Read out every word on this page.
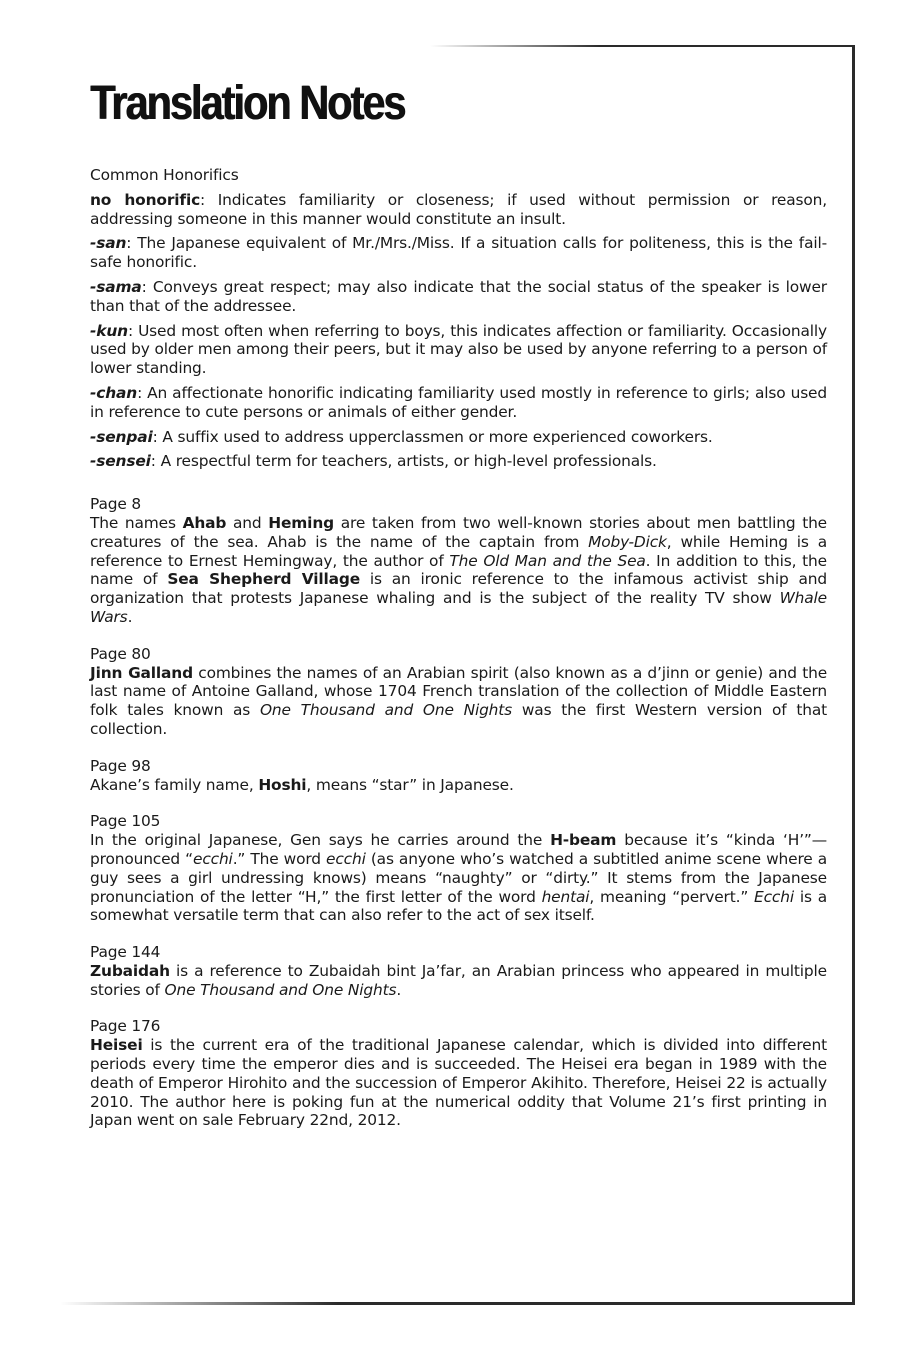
Translation Notes
Common Honorifics

no honorific: Indicates familiarity or closeness; if used without permission or reason, addressing someone in this manner would constitute an insult.

-san: The Japanese equivalent of Mr./Mrs./Miss. If a situation calls for politeness, this is the fail-safe honorific.

-sama: Conveys great respect; may also indicate that the social status of the speaker is lower than that of the addressee.

-kun: Used most often when referring to boys, this indicates affection or familiarity. Occasionally used by older men among their peers, but it may also be used by anyone referring to a person of lower standing.

-chan: An affectionate honorific indicating familiarity used mostly in reference to girls; also used in reference to cute persons or animals of either gender.

-senpai: A suffix used to address upperclassmen or more experienced coworkers.

-sensei: A respectful term for teachers, artists, or high-level professionals.

Page 8
The names Ahab and Heming are taken from two well-known stories about men battling the creatures of the sea. Ahab is the name of the captain from Moby-Dick, while Heming is a reference to Ernest Hemingway, the author of The Old Man and the Sea. In addition to this, the name of Sea Shepherd Village is an ironic reference to the infamous activist ship and organization that protests Japanese whaling and is the subject of the reality TV show Whale Wars.
Page 80
Jinn Galland combines the names of an Arabian spirit (also known as a d’jinn or genie) and the last name of Antoine Galland, whose 1704 French translation of the collection of Middle Eastern folk tales known as One Thousand and One Nights was the first Western version of that collection.
Page 98
Akane’s family name, Hoshi, means “star” in Japanese.
Page 105
In the original Japanese, Gen says he carries around the H-beam because it’s “kinda ‘H’”—pronounced “ecchi.” The word ecchi (as anyone who’s watched a subtitled anime scene where a guy sees a girl undressing knows) means “naughty” or “dirty.” It stems from the Japanese pronunciation of the letter “H,” the first letter of the word hentai, meaning “pervert.” Ecchi is a somewhat versatile term that can also refer to the act of sex itself.
Page 144
Zubaidah is a reference to Zubaidah bint Ja’far, an Arabian princess who appeared in multiple stories of One Thousand and One Nights.
Page 176
Heisei is the current era of the traditional Japanese calendar, which is divided into different periods every time the emperor dies and is succeeded. The Heisei era began in 1989 with the death of Emperor Hirohito and the succession of Emperor Akihito. Therefore, Heisei 22 is actually 2010. The author here is poking fun at the numerical oddity that Volume 21’s first printing in Japan went on sale February 22nd, 2012.
